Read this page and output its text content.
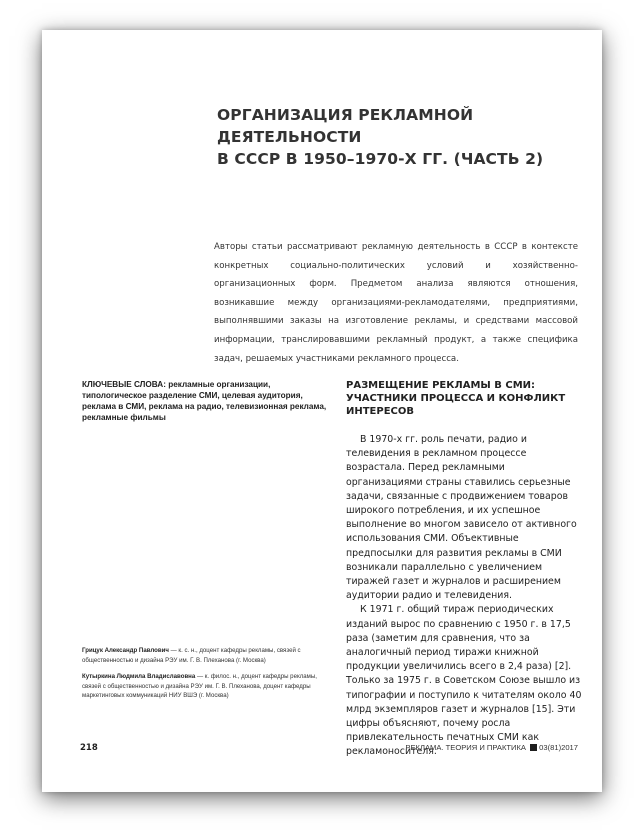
ОРГАНИЗАЦИЯ РЕКЛАМНОЙ ДЕЯТЕЛЬНОСТИ
В СССР В 1950–1970-Х ГГ. (ЧАСТЬ 2)

Авторы статьи рассматривают рекламную деятельность в СССР в контексте конкретных социально-политических условий и хозяйственно-организационных форм. Предметом анализа являются отношения, возникавшие между организациями-рекламодателями, предприятиями, выполнявшими заказы на изготовление рекламы, и средствами массовой информации, транслировавшими рекламный продукт, а также специфика задач, решаемых участниками рекламного процесса.

КЛЮЧЕВЫЕ СЛОВА: рекламные организации, типологическое разделение СМИ, целевая аудитория, реклама в СМИ, реклама на радио, телевизионная реклама, рекламные фильмы

РАЗМЕЩЕНИЕ РЕКЛАМЫ В СМИ: УЧАСТНИКИ ПРОЦЕССА И КОНФЛИКТ ИНТЕРЕСОВ

В 1970-х гг. роль печати, радио и телевидения в рекламном процессе возрастала. Перед рекламными организациями страны ставились серьезные задачи, связанные с продвижением товаров широкого потребления, и их успешное выполнение во многом зависело от активного использования СМИ. Объективные предпосылки для развития рекламы в СМИ возникали параллельно с увеличением тиражей газет и журналов и расширением аудитории радио и телевидения.

К 1971 г. общий тираж периодических изданий вырос по сравнению с 1950 г. в 17,5 раза (заметим для сравнения, что за аналогичный период тиражи книжной продукции увеличились всего в 2,4 раза) [2]. Только за 1975 г. в Советском Союзе вышло из типографии и поступило к читателям около 40 млрд экземпляров газет и журналов [15]. Эти цифры объясняют, почему росла привлекательность печатных СМИ как рекламоносителя.

Грицук Александр Павлович — к. с. н., доцент кафедры рекламы, связей с общественностью и дизайна РЭУ им. Г. В. Плеханова (г. Москва)

Кутыркина Людмила Владиславовна — к. филос. н., доцент кафедры рекламы, связей с общественностью и дизайна РЭУ им. Г. В. Плеханова, доцент кафедры маркетинговых коммуникаций НИУ ВШЭ (г. Москва)

218	РЕКЛАМА. ТЕОРИЯ И ПРАКТИКА 03(81)2017
